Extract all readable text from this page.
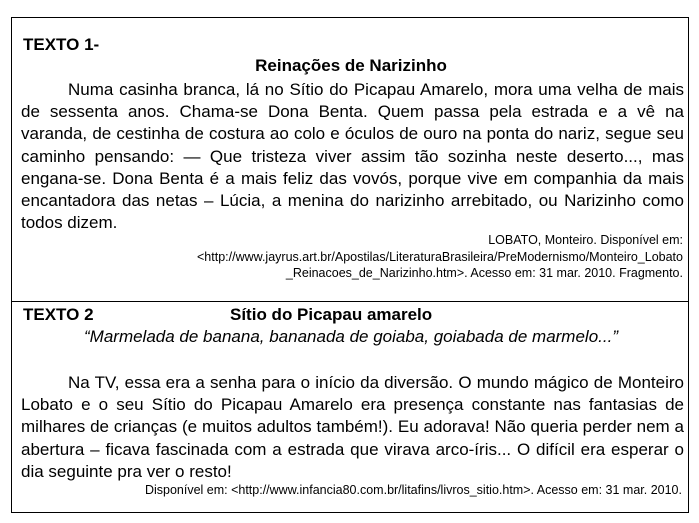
TEXTO 1-
Reinações de Narizinho
Numa casinha branca, lá no Sítio do Picapau Amarelo, mora uma velha de mais de sessenta anos. Chama-se Dona Benta. Quem passa pela estrada e a vê na varanda, de cestinha de costura ao colo e óculos de ouro na ponta do nariz, segue seu caminho pensando: — Que tristeza viver assim tão sozinha neste deserto..., mas engana-se. Dona Benta é a mais feliz das vovós, porque vive em companhia da mais encantadora das netas – Lúcia, a menina do narizinho arrebitado, ou Narizinho como todos dizem.
LOBATO, Monteiro. Disponível em:
<http://www.jayrus.art.br/Apostilas/LiteraturaBrasileira/PreModernismo/Monteiro_Lobato
_Reinacoes_de_Narizinho.htm>. Acesso em: 31 mar. 2010. Fragmento.
TEXTO 2	Sítio do Picapau amarelo
“Marmelada de banana, bananada de goiaba, goiabada de marmelo...”
Na TV, essa era a senha para o início da diversão. O mundo mágico de Monteiro Lobato e o seu Sítio do Picapau Amarelo era presença constante nas fantasias de milhares de crianças (e muitos adultos também!). Eu adorava! Não queria perder nem a abertura – ficava fascinada com a estrada que virava arco-íris... O difícil era esperar o dia seguinte pra ver o resto!
Disponível em: <http://www.infancia80.com.br/litafins/livros_sitio.htm>. Acesso em: 31 mar. 2010.
